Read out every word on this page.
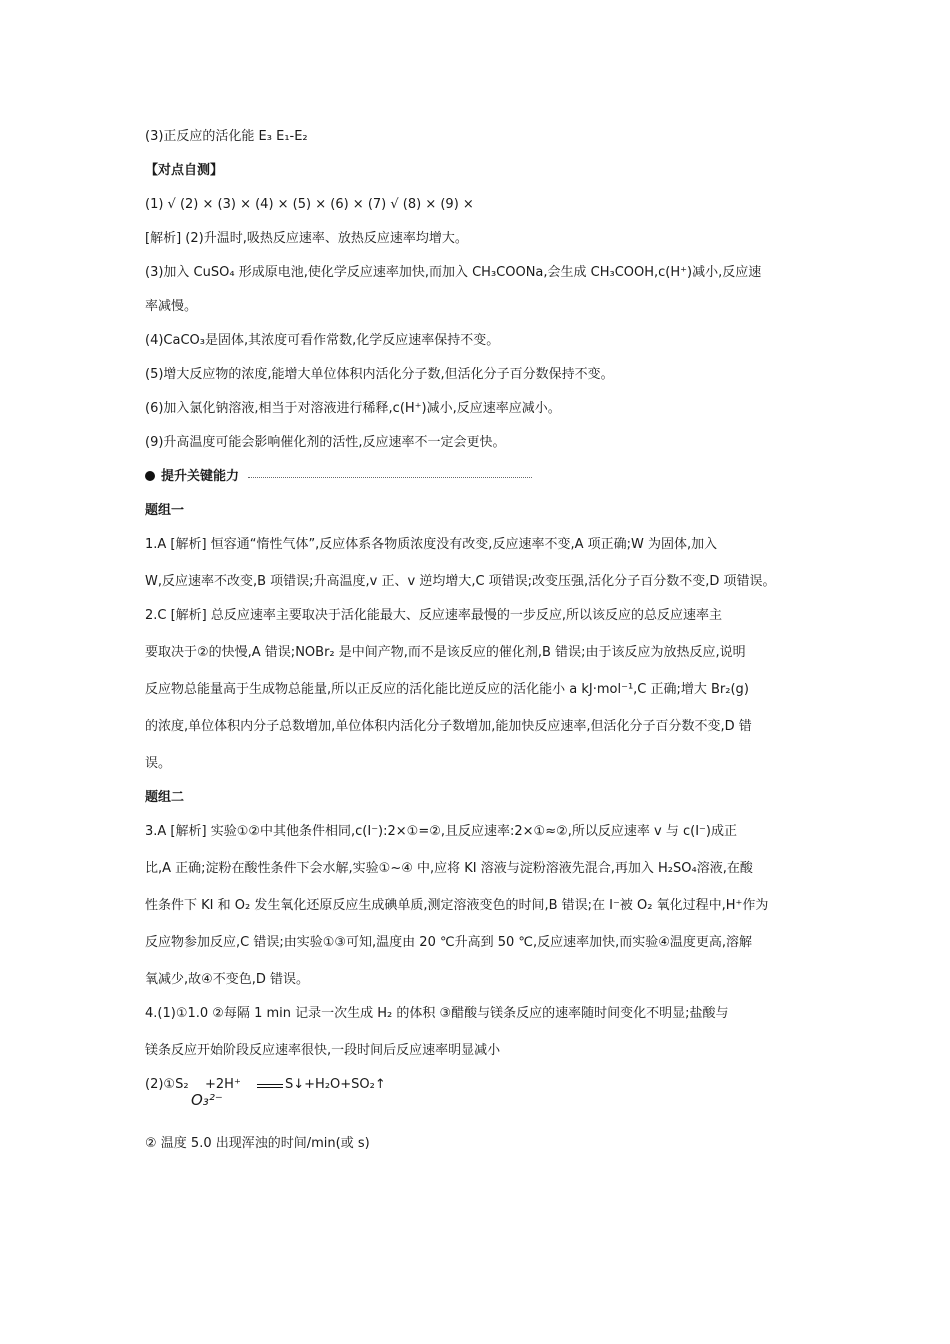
(3)正反应的活化能 E₃ E₁-E₂
【对点自测】
(1) √ (2) × (3) × (4) × (5) × (6) × (7) √ (8) × (9) ×
[解析] (2)升温时,吸热反应速率、放热反应速率均增大。
(3)加入 CuSO₄ 形成原电池,使化学反应速率加快,而加入 CH₃COONa,会生成 CH₃COOH,c(H⁺)减小,反应速
率减慢。
(4)CaCO₃是固体,其浓度可看作常数,化学反应速率保持不变。
(5)增大反应物的浓度,能增大单位体积内活化分子数,但活化分子百分数保持不变。
(6)加入氯化钠溶液,相当于对溶液进行稀释,c(H⁺)减小,反应速率应减小。
(9)升高温度可能会影响催化剂的活性,反应速率不一定会更快。
提升关键能力
题组一
1.A [解析] 恒容通“惰性气体”,反应体系各物质浓度没有改变,反应速率不变,A 项正确;W 为固体,加入
W,反应速率不改变,B 项错误;升高温度,v 正、v 逆均增大,C 项错误;改变压强,活化分子百分数不变,D 项错误。
2.C [解析] 总反应速率主要取决于活化能最大、反应速率最慢的一步反应,所以该反应的总反应速率主
要取决于②的快慢,A 错误;NOBr₂ 是中间产物,而不是该反应的催化剂,B 错误;由于该反应为放热反应,说明
反应物总能量高于生成物总能量,所以正反应的活化能比逆反应的活化能小 a kJ·mol⁻¹,C 正确;增大 Br₂(g)
的浓度,单位体积内分子总数增加,单位体积内活化分子数增加,能加快反应速率,但活化分子百分数不变,D 错
误。
题组二
3.A [解析] 实验①②中其他条件相同,c(I⁻):2×①=②,且反应速率:2×①≈②,所以反应速率 v 与 c(I⁻)成正
比,A 正确;淀粉在酸性条件下会水解,实验①~④ 中,应将 KI 溶液与淀粉溶液先混合,再加入 H₂SO₄溶液,在酸
性条件下 KI 和 O₂ 发生氧化还原反应生成碘单质,测定溶液变色的时间,B 错误;在 I⁻被 O₂ 氧化过程中,H⁺作为
反应物参加反应,C 错误;由实验①③可知,温度由 20 ℃升高到 50 ℃,反应速率加快,而实验④温度更高,溶解
氧减少,故④不变色,D 错误。
4.(1)①1.0 ②每隔 1 min 记录一次生成 H₂ 的体积 ③醋酸与镁条反应的速率随时间变化不明显;盐酸与
镁条反应开始阶段反应速率很快,一段时间后反应速率明显减小
(2)①S₂
O₃²⁻
+2H⁺	S↓+H₂O+SO₂↑
② 温度 5.0 出现浑浊的时间/min(或 s)
